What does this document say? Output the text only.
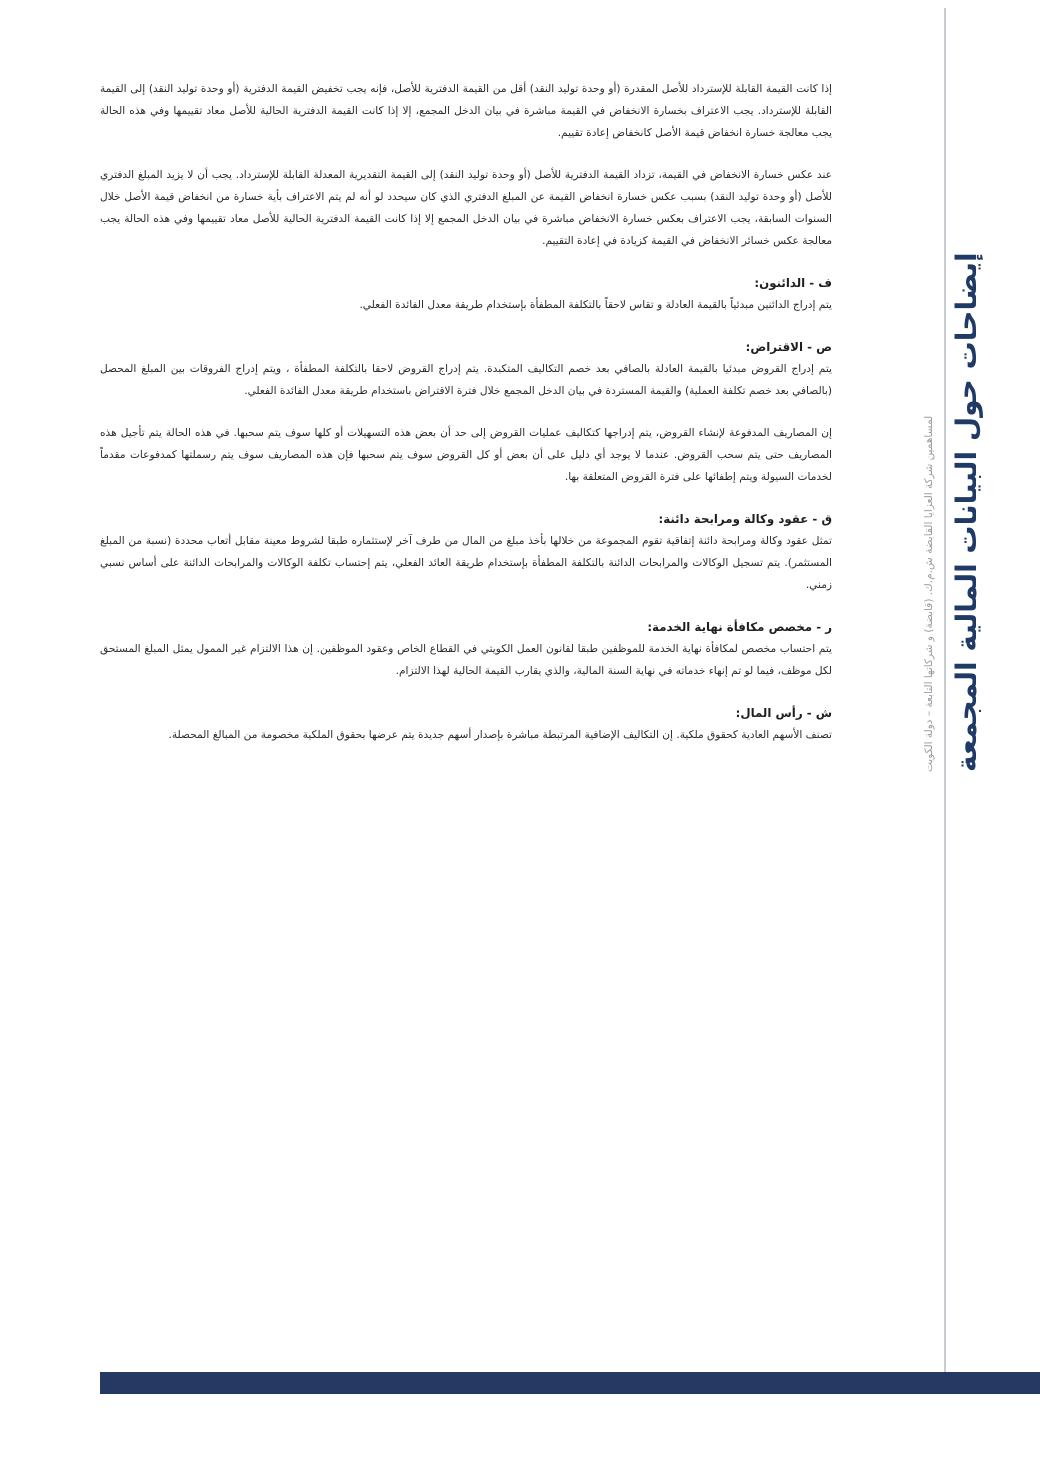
إذا كانت القيمة القابلة للإسترداد للأصل المقدرة (أو وحدة توليد النقد) أقل من القيمة الدفترية للأصل، فإنه يجب تخفيض القيمة الدفترية (أو وحدة توليد النقد) إلى القيمة القابلة للإسترداد. يجب الاعتراف بخسارة الانخفاض في القيمة مباشرة في بيان الدخل المجمع، إلا إذا كانت القيمة الدفترية الحالية للأصل معاد تقييمها وفي هذه الحالة يجب معالجة خسارة انخفاض قيمة الأصل كانخفاض إعادة تقييم.

عند عكس خسارة الانخفاض في القيمة، تزداد القيمة الدفترية للأصل (أو وحدة توليد النقد) إلى القيمة التقديرية المعدلة القابلة للإسترداد. يجب أن لا يزيد المبلغ الدفتري للأصل (أو وحدة توليد النقد) بسبب عكس خسارة انخفاض القيمة عن المبلغ الدفتري الذي كان سيحدد لو أنه لم يتم الاعتراف بأية خسارة من انخفاض قيمة الأصل خلال السنوات السابقة، يجب الاعتراف بعكس خسارة الانخفاض مباشرة في بيان الدخل المجمع إلا إذا كانت القيمة الدفترية الحالية للأصل معاد تقييمها وفي هذه الحالة يجب معالجة عكس خسائر الانخفاض في القيمة كزيادة في إعادة التقييم.

ف - الدائنون:

يتم إدراج الدائنين مبدئياً بالقيمة العادلة و تقاس لاحقاً بالتكلفة المطفأة بإستخدام طريقة معدل الفائدة الفعلي.

ص - الاقتراض:

يتم إدراج القروض مبدئيا بالقيمة العادلة بالصافي بعد خصم التكاليف المتكبدة. يتم إدراج القروض لاحقا بالتكلفة المطفأة ، ويتم إدراج الفروقات بين المبلغ المحصل (بالصافي بعد خصم تكلفة العملية) والقيمة المستردة في بيان الدخل المجمع خلال فترة الاقتراض باستخدام طريقة معدل الفائدة الفعلي.

إن المصاريف المدفوعة لإنشاء القروض، يتم إدراجها كتكاليف عمليات القروض إلى حد أن بعض هذه التسهيلات أو كلها سوف يتم سحبها. في هذه الحالة يتم تأجيل هذه المصاريف حتى يتم سحب القروض. عندما لا يوجد أي دليل على أن بعض أو كل القروض سوف يتم سحبها فإن هذه المصاريف سوف يتم رسملتها كمدفوعات مقدماً لخدمات السيولة ويتم إطفائها على فترة القروض المتعلقة بها.

ق - عقود وكالة ومرابحة دائنة:

تمثل عقود وكالة ومرابحة دائنة إتفاقية تقوم المجموعة من خلالها بأخذ مبلغ من المال من طرف آخر لإستثماره طبقا لشروط معينة مقابل أتعاب محددة (نسبة من المبلغ المستثمر). يتم تسجيل الوكالات والمرابحات الدائنة بالتكلفة المطفأة بإستخدام طريقة العائد الفعلي، يتم إحتساب تكلفة الوكالات والمرابحات الدائنة على أساس نسبي زمني.

ر - مخصص مكافأة نهاية الخدمة:

يتم احتساب مخصص لمكافأة نهاية الخدمة للموظفين طبقا لقانون العمل الكويتي في القطاع الخاص وعقود الموظفين. إن هذا الالتزام غير الممول يمثل المبلغ المستحق لكل موظف، فيما لو تم إنهاء خدماته في نهاية السنة المالية، والذي يقارب القيمة الحالية لهذا الالتزام.

ش - رأس المال:

تصنف الأسهم العادية كحقوق ملكية. إن التكاليف الإضافية المرتبطة مباشرة بإصدار أسهم جديدة يتم عرضها بحقوق الملكية مخصومة من المبالغ المحصلة.	إيضاحات حول البيانات المالية المجمعة
لمساهمين شركة العزايا القابضة ش.م.ك. (قابضة) و شركاتها التابعة – دولة الكويت
